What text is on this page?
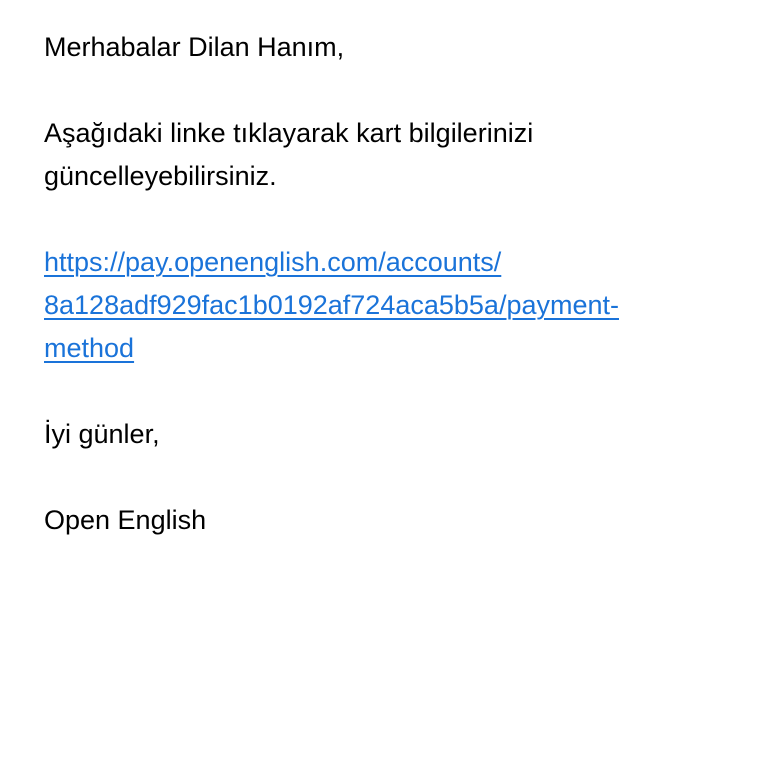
Merhabalar Dilan Hanım,

Aşağıdaki linke tıklayarak kart bilgilerinizi
güncelleyebilirsiniz.

https://pay.openenglish.com/accounts/
8a128adf929fac1b0192af724aca5b5a/payment-
method

İyi günler,

Open English
